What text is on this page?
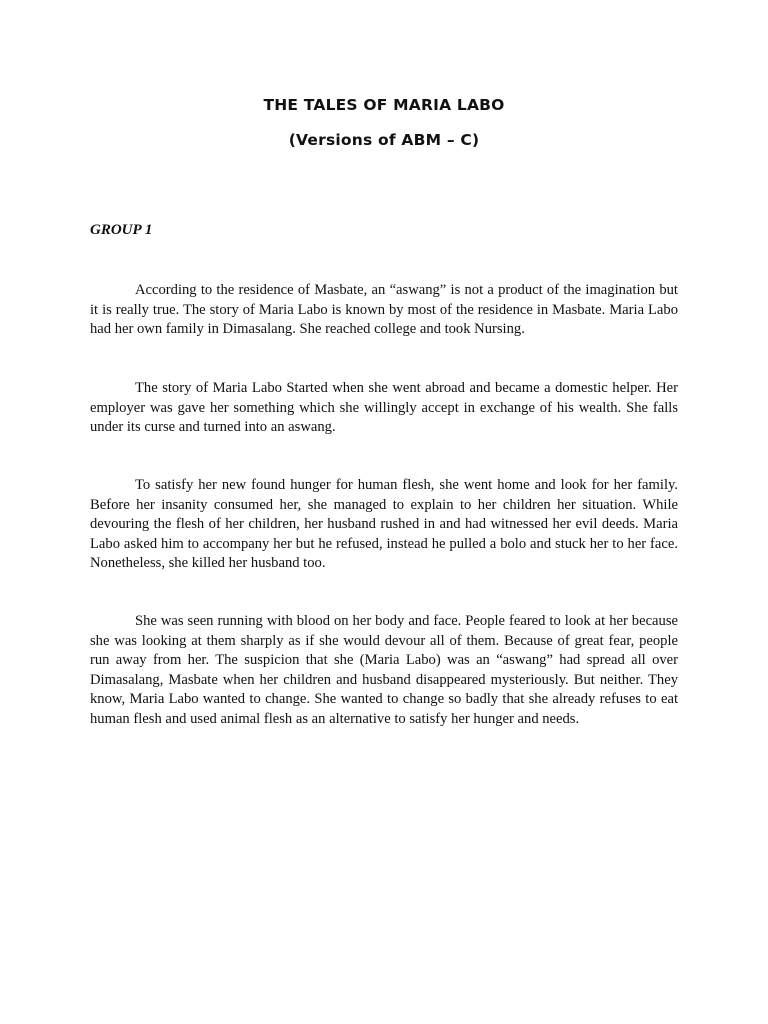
THE TALES OF MARIA LABO
(Versions of ABM – C)
GROUP 1

According to the residence of Masbate, an “aswang” is not a product of the imagination but it is really true. The story of Maria Labo is known by most of the residence in Masbate. Maria Labo had her own family in Dimasalang. She reached college and took Nursing.

The story of Maria Labo Started when she went abroad and became a domestic helper. Her employer was gave her something which she willingly accept in exchange of his wealth. She falls under its curse and turned into an aswang.

To satisfy her new found hunger for human flesh, she went home and look for her family. Before her insanity consumed her, she managed to explain to her children her situation. While devouring the flesh of her children, her husband rushed in and had witnessed her evil deeds. Maria Labo asked him to accompany her but he refused, instead he pulled a bolo and stuck her to her face. Nonetheless, she killed her husband too.

She was seen running with blood on her body and face. People feared to look at her because she was looking at them sharply as if she would devour all of them. Because of great fear, people run away from her. The suspicion that she (Maria Labo) was an “aswang” had spread all over Dimasalang, Masbate when her children and husband disappeared mysteriously. But neither. They know, Maria Labo wanted to change. She wanted to change so badly that she already refuses to eat human flesh and used animal flesh as an alternative to satisfy her hunger and needs.
